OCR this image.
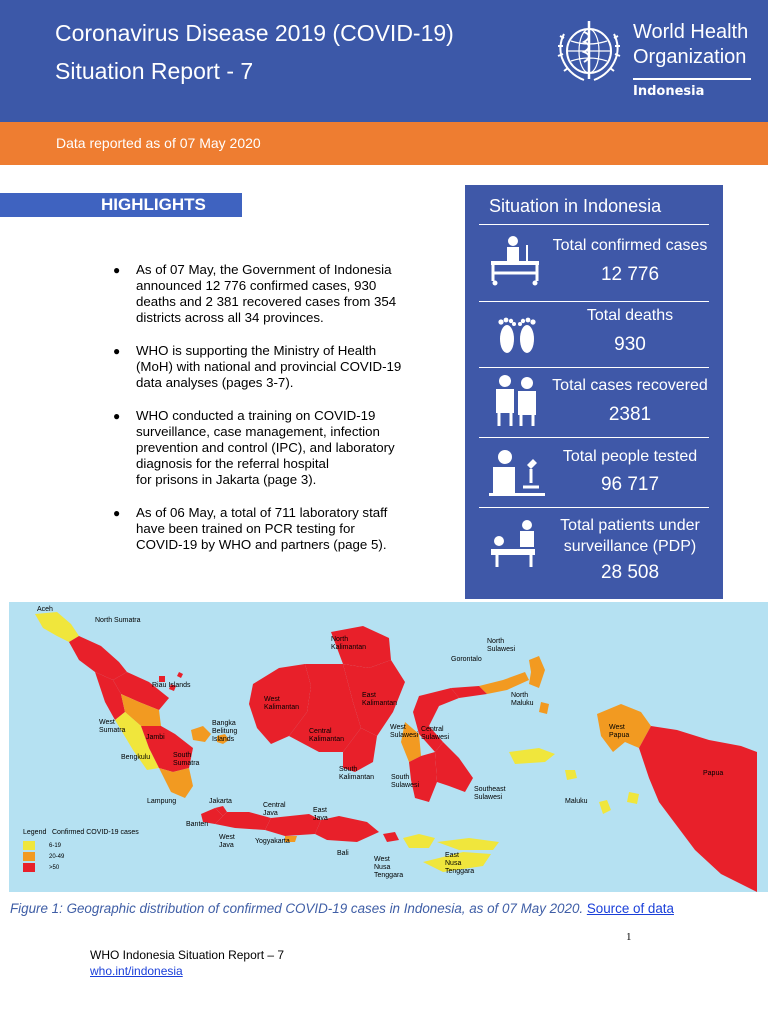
Coronavirus Disease 2019 (COVID-19)
Situation Report - 7
World Health
Organization
Indonesia
Data reported as of 07 May 2020
HIGHLIGHTS
●	As of 07 May, the Government of Indonesia
announced 12 776 confirmed cases, 930
deaths and 2 381 recovered cases from 354
districts across all 34 provinces.
●	WHO is supporting the Ministry of Health
(MoH) with national and provincial COVID-19
data analyses (pages 3-7).
●	WHO conducted a training on COVID-19
surveillance, case management, infection
prevention and control (IPC), and laboratory
diagnosis for the referral hospital
for prisons in Jakarta (page 3).
●	As of 06 May, a total of 711 laboratory staff
have been trained on PCR testing for
COVID-19 by WHO and partners (page 5).
Situation in Indonesia
Total confirmed cases
12 776
Total deaths
930
Total cases recovered
2381
Total people tested
96 717
Total patients under
surveillance (PDP)
28 508
Aceh
North Sumatra
Riau Islands
West
Sumatra
Jambi
Bangka
Belitung
Islands
Bengkulu	South
Sumatra
Lampung
Banten
Jakarta
West
Java
Central
Java
Yogyakarta
East
Java
Bali
West
Nusa
Tenggara
East
Nusa
Tenggara
North
Kalimantan
West
Kalimantan
East
Kalimantan
Central
Kalimantan
South
Kalimantan
West
Sulawesi
Central
Sulawesi
Gorontalo
North
Sulawesi
South
Sulawesi
Southeast
Sulawesi
North
Maluku
Maluku
West
Papua
Papua
Legend Confirmed COVID-19 cases
6-19
20-49
>50
Figure 1: Geographic distribution of confirmed COVID-19 cases in Indonesia, as of 07 May 2020. Source of data
1
WHO Indonesia Situation Report – 7
who.int/indonesia
